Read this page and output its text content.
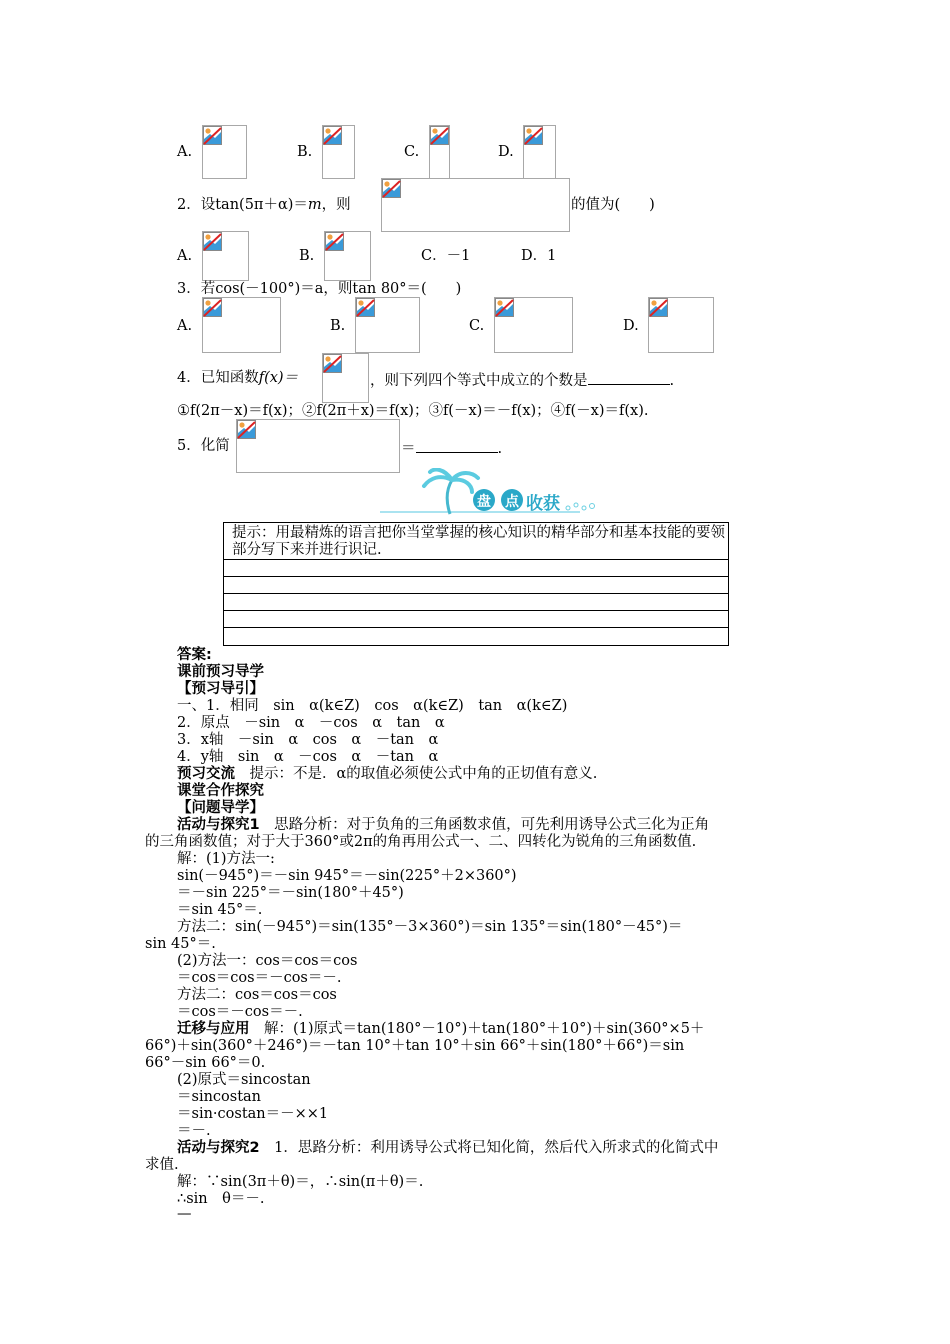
A.	B.	C.	D.
2．设tan(5π＋α)＝m，则	的值为(　　)
A.	B.	C．－1	D．1
3．若cos(－100°)＝a，则tan 80°＝(　　)
A.	B.	C.	D.
4．已知函数f(x)＝	，则下列四个等式中成立的个数是	.
①f(2π－x)＝f(x)；②f(2π＋x)＝f(x)；③f(－x)＝－f(x)；④f(－x)＝f(x).
5．化简	＝	.
盘 点 收获
提示：用最精炼的语言把你当堂掌握的核心知识的精华部分和基本技能的要领部分写下来并进行识记.
答案:
课前预习导学
【预习导引】
一、1．相同　sin　α(k∈Z)　cos　α(k∈Z)　tan　α(k∈Z)
2．原点　－sin　α　－cos　α　tan　α
3．x轴　－sin　α　cos　α　－tan　α
4．y轴　sin　α　－cos　α　－tan　α
预习交流　提示：不是．α的取值必须使公式中角的正切值有意义.
课堂合作探究
【问题导学】
活动与探究1　思路分析：对于负角的三角函数求值，可先利用诱导公式三化为正角
的三角函数值；对于大于360°或2π的角再用公式一、二、四转化为锐角的三角函数值.
解：(1)方法一:
sin(－945°)＝－sin 945°＝－sin(225°＋2×360°)
＝－sin 225°＝－sin(180°＋45°)
＝sin 45°＝.
方法二：sin(－945°)＝sin(135°－3×360°)＝sin 135°＝sin(180°－45°)＝
sin 45°＝.
(2)方法一：cos＝cos＝cos
＝cos＝cos＝－cos＝－.
方法二：cos＝cos＝cos
＝cos＝－cos＝－.
迁移与应用　解：(1)原式＝tan(180°－10°)＋tan(180°＋10°)＋sin(360°×5＋
66°)＋sin(360°＋246°)＝－tan 10°＋tan 10°＋sin 66°＋sin(180°＋66°)＝sin
66°－sin 66°＝0.
(2)原式＝sincostan
＝sincostan
＝sin·costan＝－××1
＝－.
活动与探究2　1．思路分析：利用诱导公式将已知化简，然后代入所求式的化简式中
求值.
解：∵sin(3π＋θ)＝，∴sin(π＋θ)＝.
∴sin　θ＝－.
—
